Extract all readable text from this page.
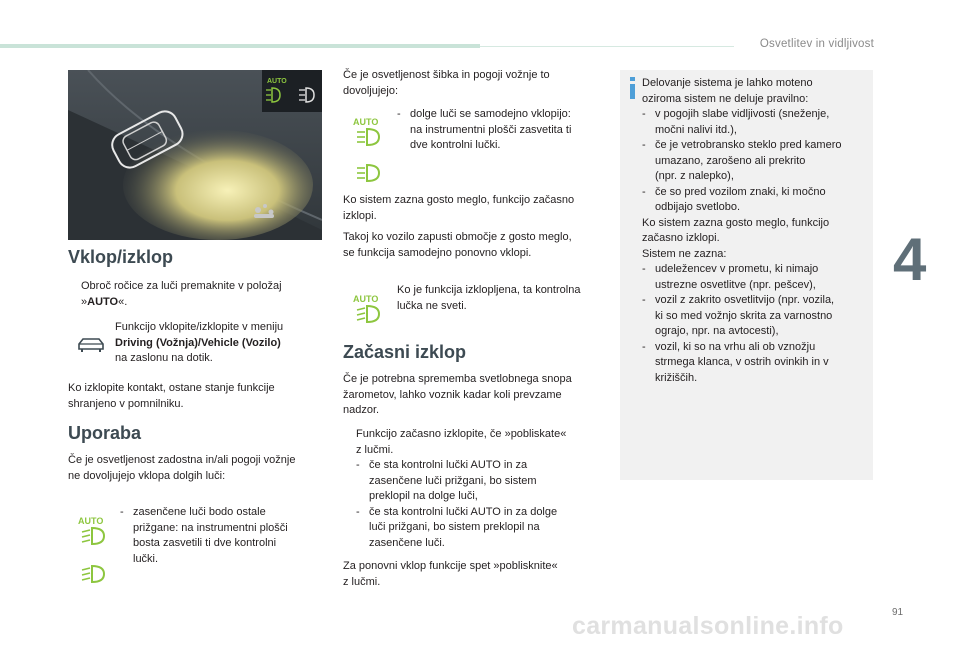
Osvetlitev in vidljivost
4
91
carmanualsonline.info
AUTO
Vklop/izklop
Obroč ročice za luči premaknite v položaj
»AUTO«.
Funkcijo vklopite/izklopite v meniju
Driving (Vožnja)/Vehicle (Vozilo)
na zaslonu na dotik.
Ko izklopite kontakt, ostane stanje funkcije
shranjeno v pomnilniku.
Uporaba
Če je osvetljenost zadostna in/ali pogoji vožnje
ne dovoljujejo vklopa dolgih luči:
AUTO
- zasenčene luči bodo ostale
prižgane: na instrumentni plošči
bosta zasvetili ti dve kontrolni
lučki.
Če je osvetljenost šibka in pogoji vožnje to
dovoljujejo:
AUTO
- dolge luči se samodejno vklopijo:
na instrumentni plošči zasvetita ti
dve kontrolni lučki.
Ko sistem zazna gosto meglo, funkcijo začasno
izklopi.
Takoj ko vozilo zapusti območje z gosto meglo,
se funkcija samodejno ponovno vklopi.
AUTO
Ko je funkcija izklopljena, ta kontrolna
lučka ne sveti.
Začasni izklop
Če je potrebna sprememba svetlobnega snopa
žarometov, lahko voznik kadar koli prevzame
nadzor.
Funkcijo začasno izklopite, če »pobliskate«
z lučmi.
- če sta kontrolni lučki AUTO in za
zasenčene luči prižgani, bo sistem
preklopil na dolge luči,
- če sta kontrolni lučki AUTO in za dolge
luči prižgani, bo sistem preklopil na
zasenčene luči.
Za ponovni vklop funkcije spet »poblisknite«
z lučmi.
Delovanje sistema je lahko moteno
oziroma sistem ne deluje pravilno:
- v pogojih slabe vidljivosti (sneženje,
močni nalivi itd.),
- če je vetrobransko steklo pred kamero
umazano, zarošeno ali prekrito
(npr. z nalepko),
- če so pred vozilom znaki, ki močno
odbijajo svetlobo.
Ko sistem zazna gosto meglo, funkcijo
začasno izklopi.
Sistem ne zazna:
- udeležencev v prometu, ki nimajo
ustrezne osvetlitve (npr. pešcev),
- vozil z zakrito osvetlitvijo (npr. vozila,
ki so med vožnjo skrita za varnostno
ograjo, npr. na avtocesti),
- vozil, ki so na vrhu ali ob vznožju
strmega klanca, v ostrih ovinkih in v
križiščih.
